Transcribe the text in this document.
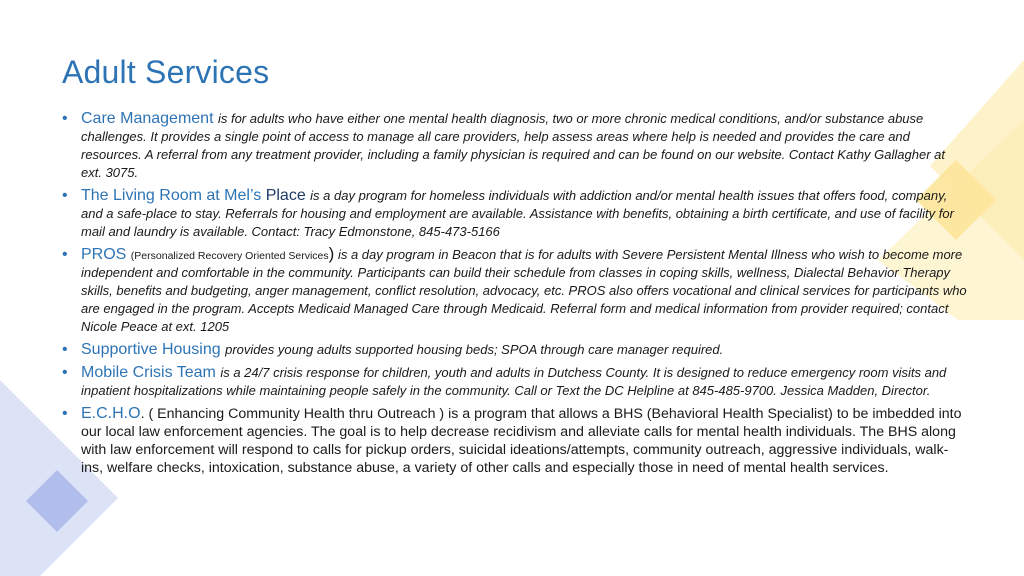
Adult Services
• Care Management is for adults who have either one mental health diagnosis, two or more chronic medical conditions, and/or substance abuse challenges. It provides a single point of access to manage all care providers, help assess areas where help is needed and provides the care and resources. A referral from any treatment provider, including a family physician is required and can be found on our website. Contact Kathy Gallagher at ext. 3075.
• The Living Room at Mel’s Place is a day program for homeless individuals with addiction and/or mental health issues that offers food, company, and a safe-place to stay. Referrals for housing and employment are available. Assistance with benefits, obtaining a birth certificate, and use of facility for mail and laundry is available. Contact: Tracy Edmonstone, 845-473-5166
• PROS (Personalized Recovery Oriented Services) is a day program in Beacon that is for adults with Severe Persistent Mental Illness who wish to become more independent and comfortable in the community. Participants can build their schedule from classes in coping skills, wellness, Dialectal Behavior Therapy skills, benefits and budgeting, anger management, conflict resolution, advocacy, etc. PROS also offers vocational and clinical services for participants who are engaged in the program. Accepts Medicaid Managed Care through Medicaid. Referral form and medical information from provider required; contact Nicole Peace at ext. 1205
• Supportive Housing provides young adults supported housing beds; SPOA through care manager required.
• Mobile Crisis Team is a 24/7 crisis response for children, youth and adults in Dutchess County. It is designed to reduce emergency room visits and inpatient hospitalizations while maintaining people safely in the community. Call or Text the DC Helpline at 845-485-9700. Jessica Madden, Director.
• E.C.H.O. ( Enhancing Community Health thru Outreach ) is a program that allows a BHS (Behavioral Health Specialist) to be imbedded into our local law enforcement agencies. The goal is to help decrease recidivism and alleviate calls for mental health individuals. The BHS along with law enforcement will respond to calls for pickup orders, suicidal ideations/attempts, community outreach, aggressive individuals, walk-ins, welfare checks, intoxication, substance abuse, a variety of other calls and especially those in need of mental health services.
